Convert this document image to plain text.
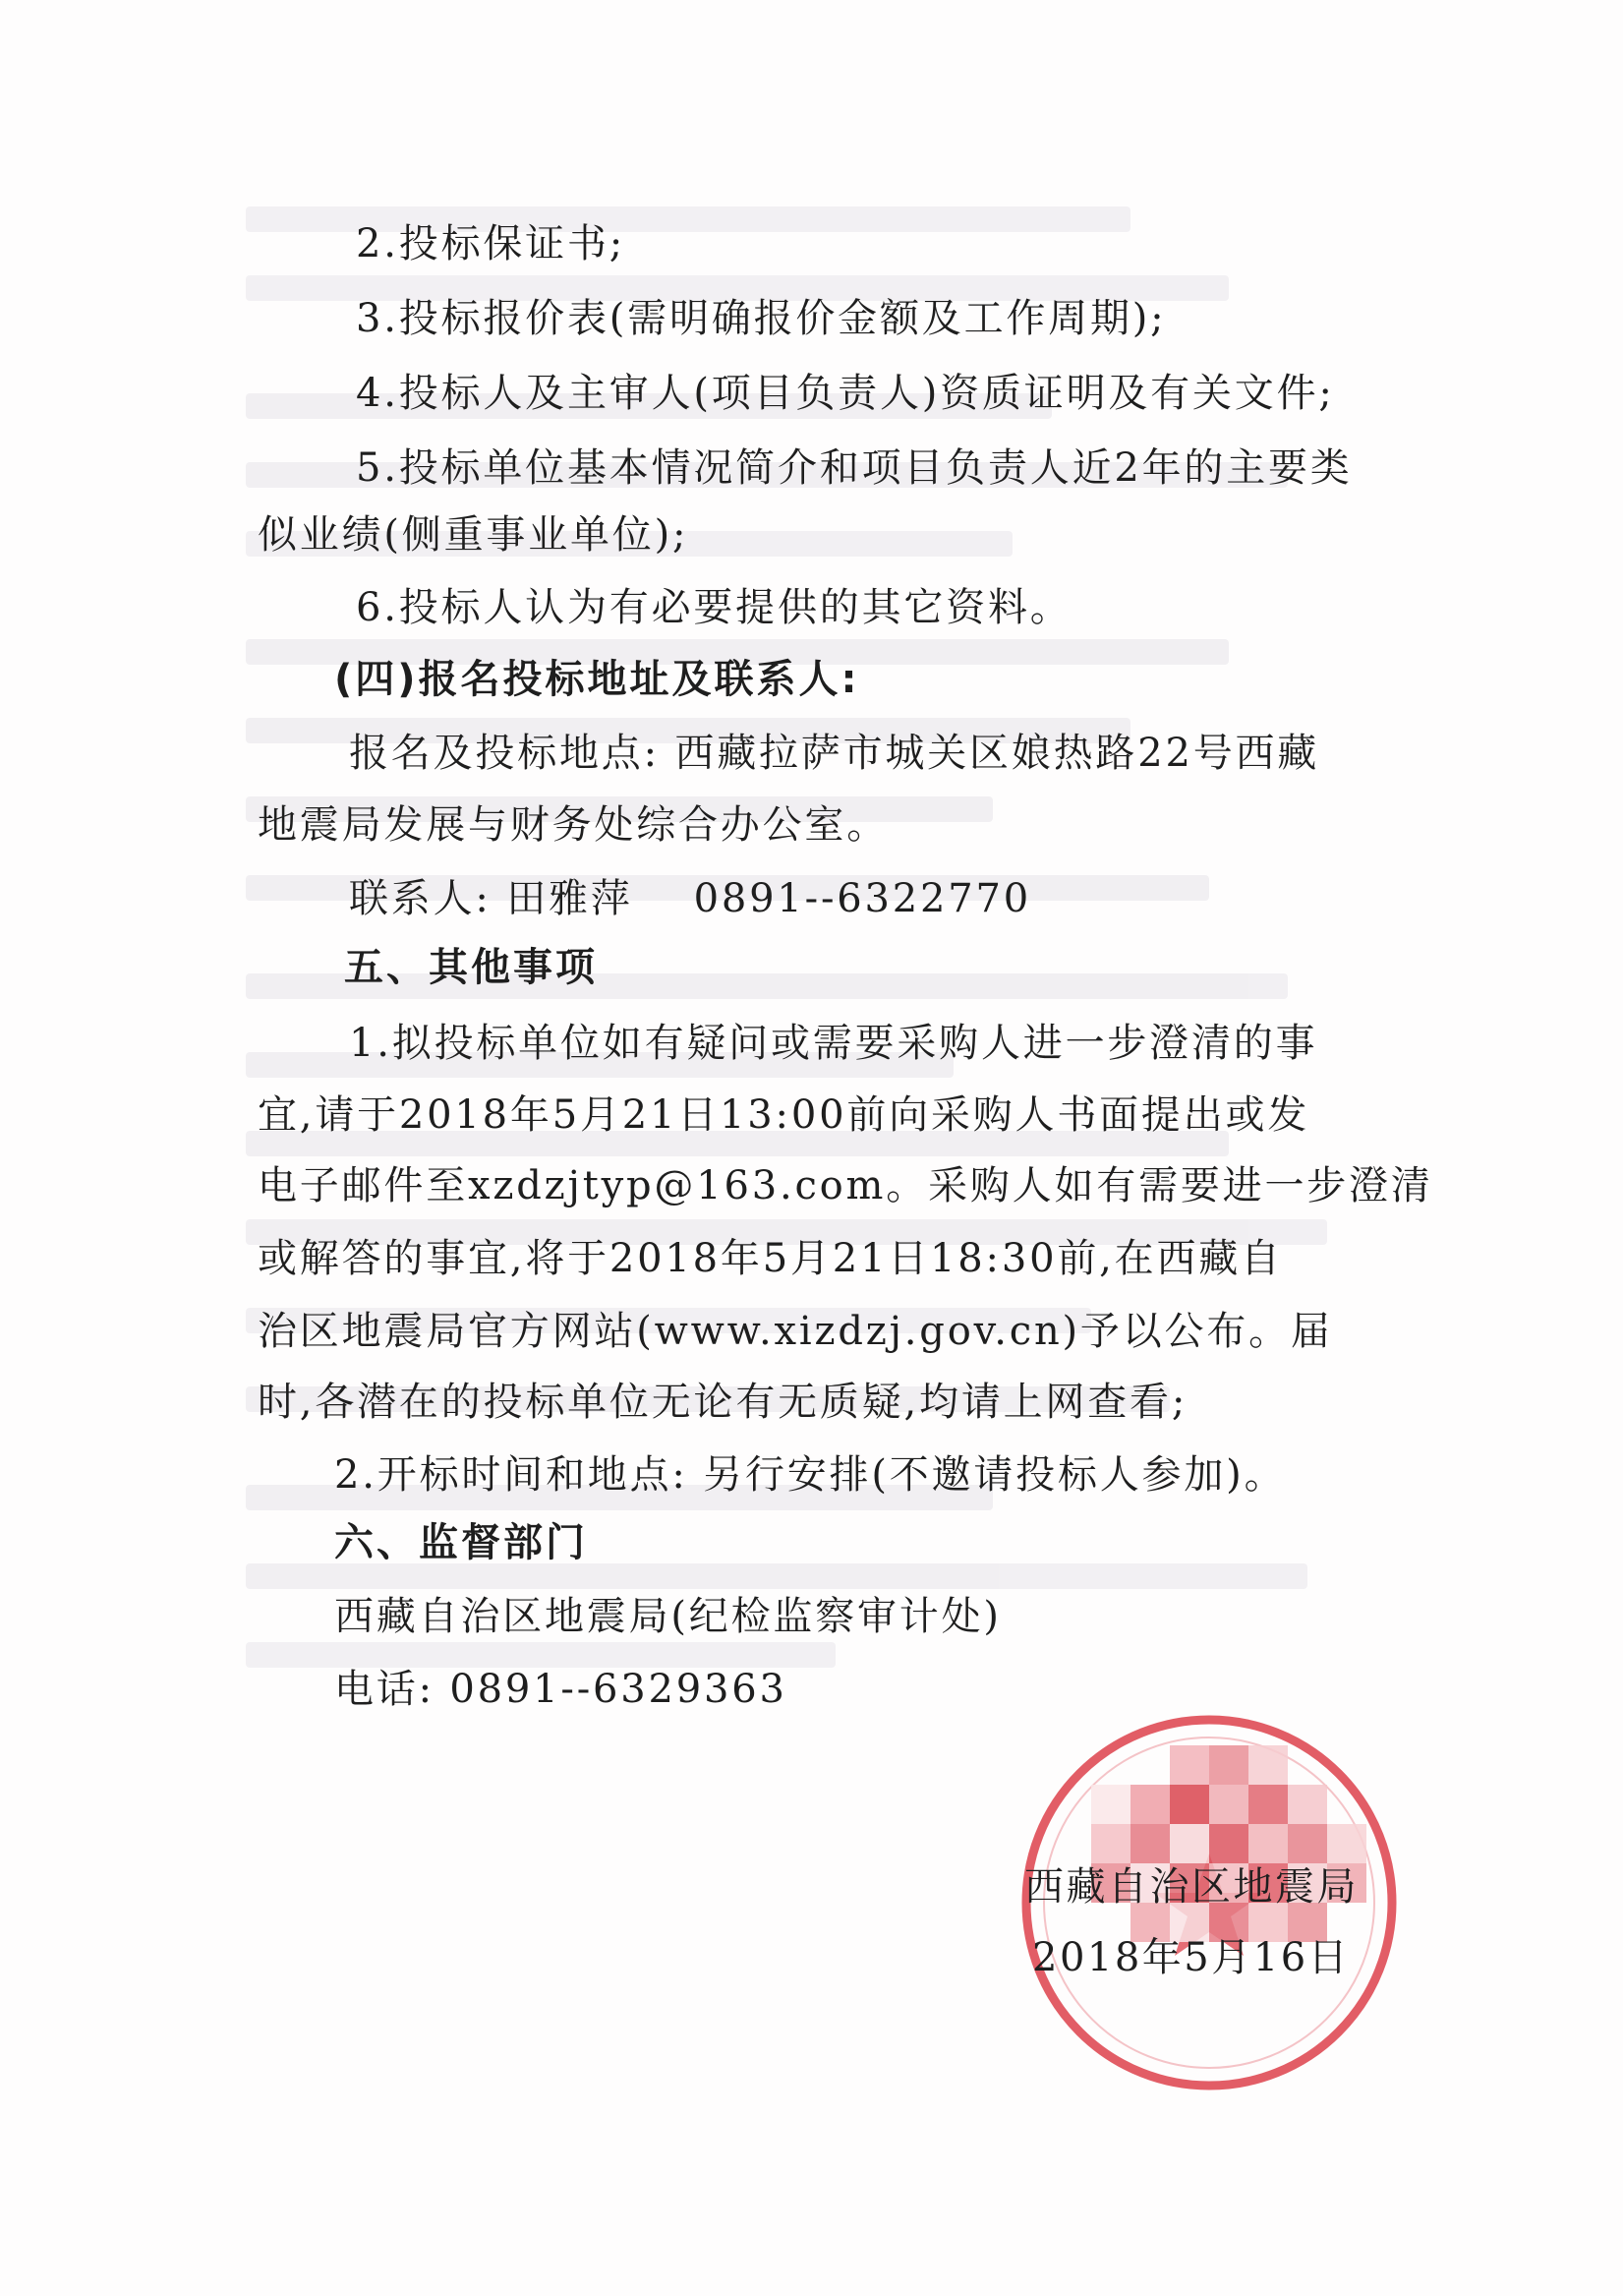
2.投标保证书;

3.投标报价表(需明确报价金额及工作周期);

4.投标人及主审人(项目负责人)资质证明及有关文件;

5.投标单位基本情况简介和项目负责人近2年的主要类

似业绩(侧重事业单位);

6.投标人认为有必要提供的其它资料。

(四)报名投标地址及联系人:

报名及投标地点: 西藏拉萨市城关区娘热路22号西藏

地震局发展与财务处综合办公室。

联系人: 田雅萍    0891--6322770

五、其他事项

1.拟投标单位如有疑问或需要采购人进一步澄清的事

宜,请于2018年5月21日13:00前向采购人书面提出或发

电子邮件至xzdzjtyp@163.com。采购人如有需要进一步澄清

或解答的事宜,将于2018年5月21日18:30前,在西藏自

治区地震局官方网站(www.xizdzj.gov.cn)予以公布。届

时,各潜在的投标单位无论有无质疑,均请上网查看;

2.开标时间和地点: 另行安排(不邀请投标人参加)。

六、监督部门

西藏自治区地震局(纪检监察审计处)

电话: 0891--6329363

西藏自治区地震局

2018年5月16日
